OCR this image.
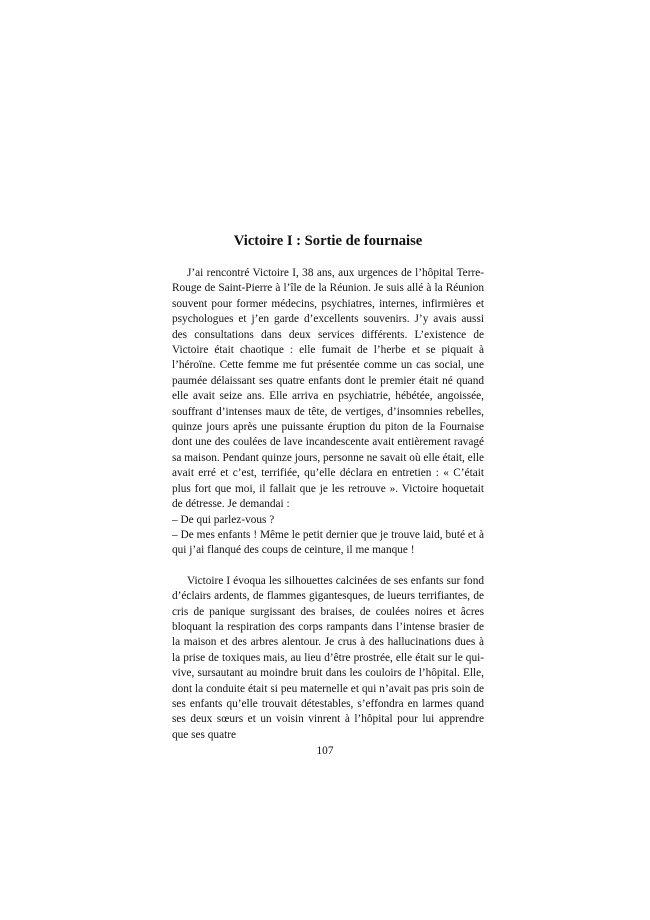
Victoire I : Sortie de fournaise

J’ai rencontré Victoire I, 38 ans, aux urgences de l’hôpital Terre-Rouge de Saint-Pierre à l’île de la Réunion. Je suis allé à la Réunion souvent pour former médecins, psychiatres, internes, infirmières et psychologues et j’en garde d’excellents souvenirs. J’y avais aussi des consultations dans deux services différents. L’existence de Victoire était chaotique : elle fumait de l’herbe et se piquait à l’héroïne. Cette femme me fut présentée comme un cas social, une paumée délaissant ses quatre enfants dont le premier était né quand elle avait seize ans. Elle arriva en psychiatrie, hébétée, angoissée, souffrant d’intenses maux de tête, de vertiges, d’insomnies rebelles, quinze jours après une puissante éruption du piton de la Fournaise dont une des coulées de lave incandescente avait entièrement ravagé sa maison. Pendant quinze jours, personne ne savait où elle était, elle avait erré et c’est, terrifiée, qu’elle déclara en entretien : « C’était plus fort que moi, il fallait que je les retrouve ». Victoire hoquetait de détresse. Je demandai :

– De qui parlez-vous ?

– De mes enfants ! Même le petit dernier que je trouve laid, buté et à qui j’ai flanqué des coups de ceinture, il me manque !

Victoire I évoqua les silhouettes calcinées de ses enfants sur fond d’éclairs ardents, de flammes gigantesques, de lueurs terrifiantes, de cris de panique surgissant des braises, de coulées noires et âcres bloquant la respiration des corps rampants dans l’intense brasier de la maison et des arbres alentour. Je crus à des hallucinations dues à la prise de toxiques mais, au lieu d’être prostrée, elle était sur le qui-vive, sursautant au moindre bruit dans les couloirs de l’hôpital. Elle, dont la conduite était si peu maternelle et qui n’avait pas pris soin de ses enfants qu’elle trouvait détestables, s’effondra en larmes quand ses deux sœurs et un voisin vinrent à l’hôpital pour lui apprendre que ses quatre

107
